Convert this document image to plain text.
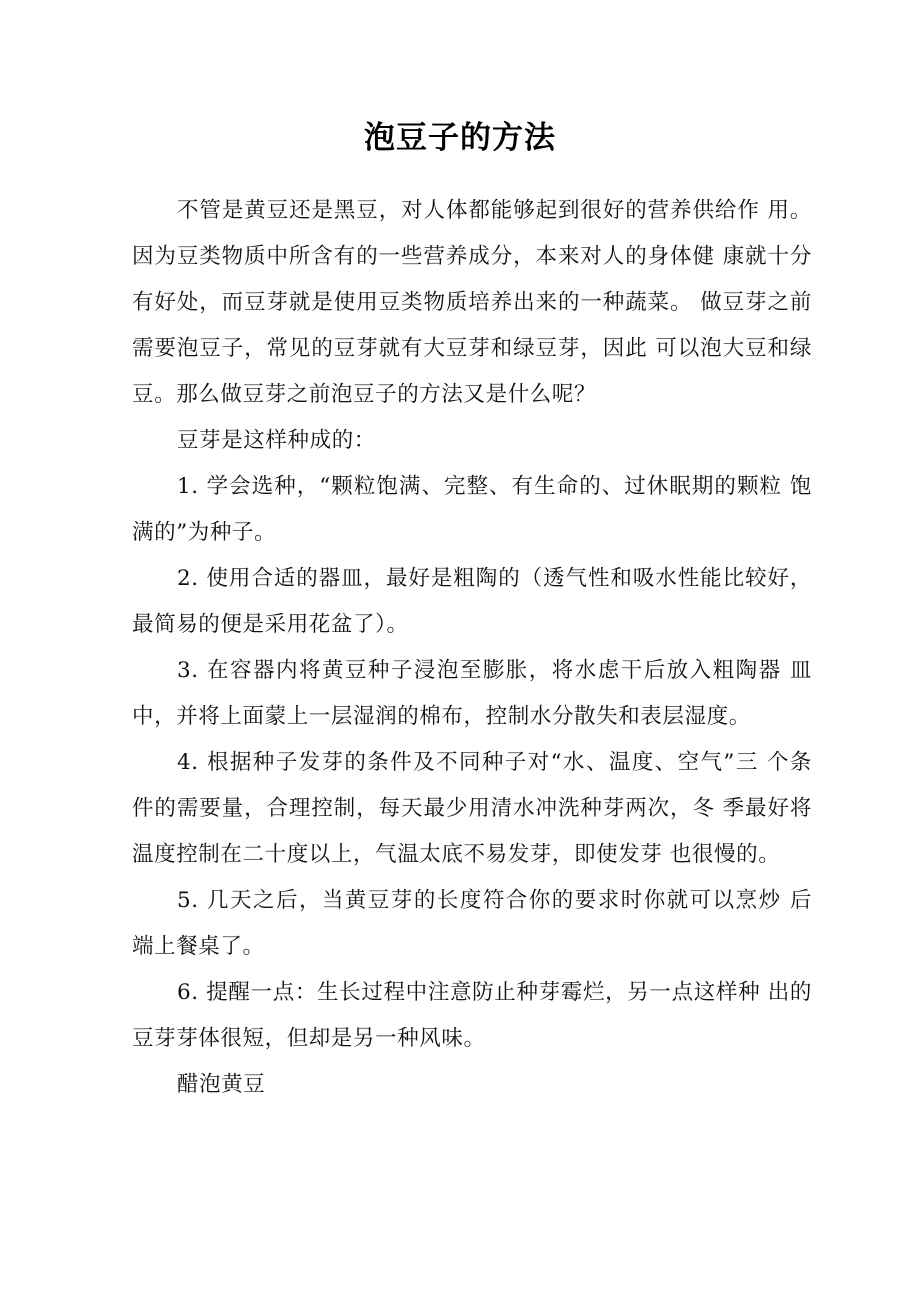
泡豆子的方法
不管是黄豆还是黑豆，对人体都能够起到很好的营养供给作 用。
因为豆类物质中所含有的一些营养成分，本来对人的身体健 康就十分
有好处，而豆芽就是使用豆类物质培养出来的一种蔬菜。 做豆芽之前
需要泡豆子，常见的豆芽就有大豆芽和绿豆芽，因此 可以泡大豆和绿
豆。那么做豆芽之前泡豆子的方法又是什么呢？
豆芽是这样种成的：
1. 学会选种，“颗粒饱满、完整、有生命的、过休眠期的颗粒 饱
满的”为种子。
2. 使用合适的器皿，最好是粗陶的（透气性和吸水性能比较好，
最简易的便是采用花盆了）。
3. 在容器内将黄豆种子浸泡至膨胀，将水虑干后放入粗陶器 皿
中，并将上面蒙上一层湿润的棉布，控制水分散失和表层湿度。
4. 根据种子发芽的条件及不同种子对“水、温度、空气”三 个条
件的需要量，合理控制，每天最少用清水冲洗种芽两次，冬 季最好将
温度控制在二十度以上，气温太底不易发芽，即使发芽 也很慢的。
5. 几天之后，当黄豆芽的长度符合你的要求时你就可以烹炒 后
端上餐桌了。
6. 提醒一点：生长过程中注意防止种芽霉烂，另一点这样种 出的
豆芽芽体很短，但却是另一种风味。
醋泡黄豆
